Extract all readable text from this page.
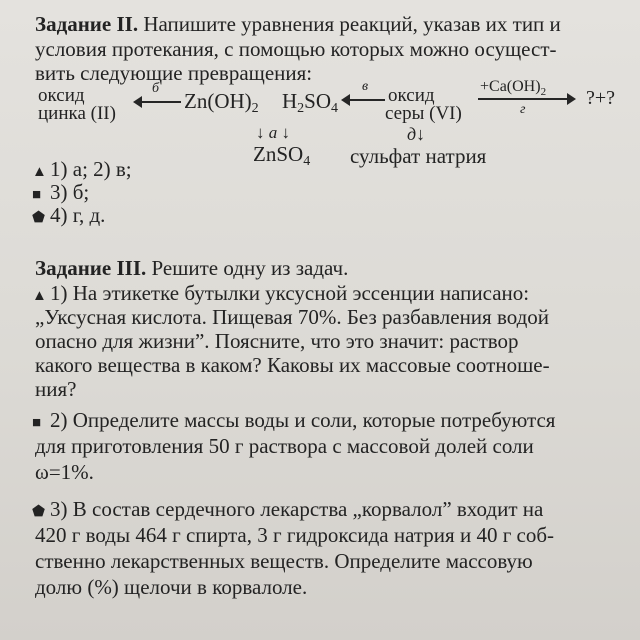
Задание II. Напишите уравнения реакций, указав их тип и
условия протекания, с помощью которых можно осущест-
вить следующие превращения:
оксид
цинка (II)
б
$Zn(OH)_2$ $H_2SO_4$
в оксид
серы (VI)
$+Ca(OH)_2$
г
?+?
↓ а ↓
ZnSO$_4$
д↓
сульфат натрия
▲ 1) а; 2) в;
■ 3) б;
⬟ 4) г, д.
Задание III. Решите одну из задач.
▲ 1) На этикетке бутылки уксусной эссенции написано:
„Уксусная кислота. Пищевая 70%. Без разбавления водой
опасно для жизни”. Поясните, что это значит: раствор
какого вещества в каком? Каковы их массовые соотноше-
ния?
■ 2) Определите массы воды и соли, которые потребуются
для приготовления 50 г раствора с массовой долей соли
ω=1%.
⬟ 3) В состав сердечного лекарства „корвалол” входит на
420 г воды 464 г спирта, 3 г гидроксида натрия и 40 г соб-
ственно лекарственных веществ. Определите массовую
долю (%) щелочи в корвалоле.
